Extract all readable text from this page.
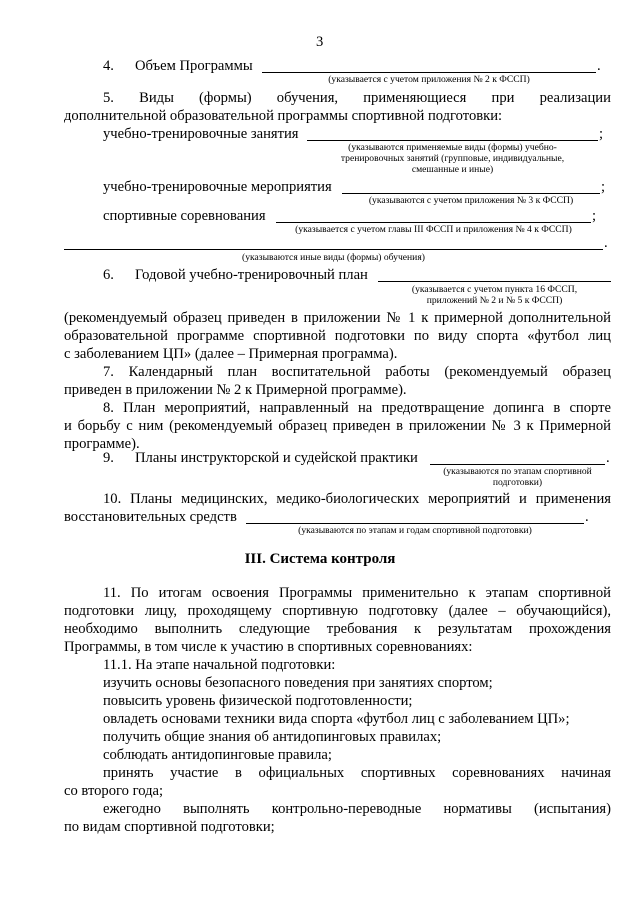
3
4. Объем Программы	.
(указывается с учетом приложения № 2 к ФССП)
5. Виды (формы) обучения, применяющиеся при реализации
дополнительной образовательной программы спортивной подготовки:
учебно-тренировочные занятия	;
(указываются применяемые виды (формы) учебно-
тренировочных занятий (групповые, индивидуальные,
смешанные и иные)
учебно-тренировочные мероприятия	;
(указываются с учетом приложения № 3 к ФССП)
спортивные соревнования	;
(указывается с учетом главы III ФССП и приложения № 4 к ФССП)
.
(указываются иные виды (формы) обучения)
6. Годовой учебно-тренировочный план
(указывается с учетом пункта 16 ФССП,
приложений № 2 и № 5 к ФССП)
(рекомендуемый образец приведен в приложении № 1 к примерной дополнительной
образовательной программе спортивной подготовки по виду спорта «футбол лиц
с заболеванием ЦП» (далее – Примерная программа).
7. Календарный план воспитательной работы (рекомендуемый образец
приведен в приложении № 2 к Примерной программе).
8. План мероприятий, направленный на предотвращение допинга в спорте
и борьбу с ним (рекомендуемый образец приведен в приложении № 3 к Примерной
программе).
9. Планы инструкторской и судейской практики	.
(указываются по этапам спортивной
подготовки)
10. Планы медицинских, медико-биологических мероприятий и применения
восстановительных средств	.
(указываются по этапам и годам спортивной подготовки)
III. Система контроля
11. По итогам освоения Программы применительно к этапам спортивной
подготовки лицу, проходящему спортивную подготовку (далее – обучающийся),
необходимо выполнить следующие требования к результатам прохождения
Программы, в том числе к участию в спортивных соревнованиях:
11.1. На этапе начальной подготовки:
изучить основы безопасного поведения при занятиях спортом;
повысить уровень физической подготовленности;
овладеть основами техники вида спорта «футбол лиц с заболеванием ЦП»;
получить общие знания об антидопинговых правилах;
соблюдать антидопинговые правила;
принять участие в официальных спортивных соревнованиях начиная
со второго года;
ежегодно выполнять контрольно-переводные нормативы (испытания)
по видам спортивной подготовки;
